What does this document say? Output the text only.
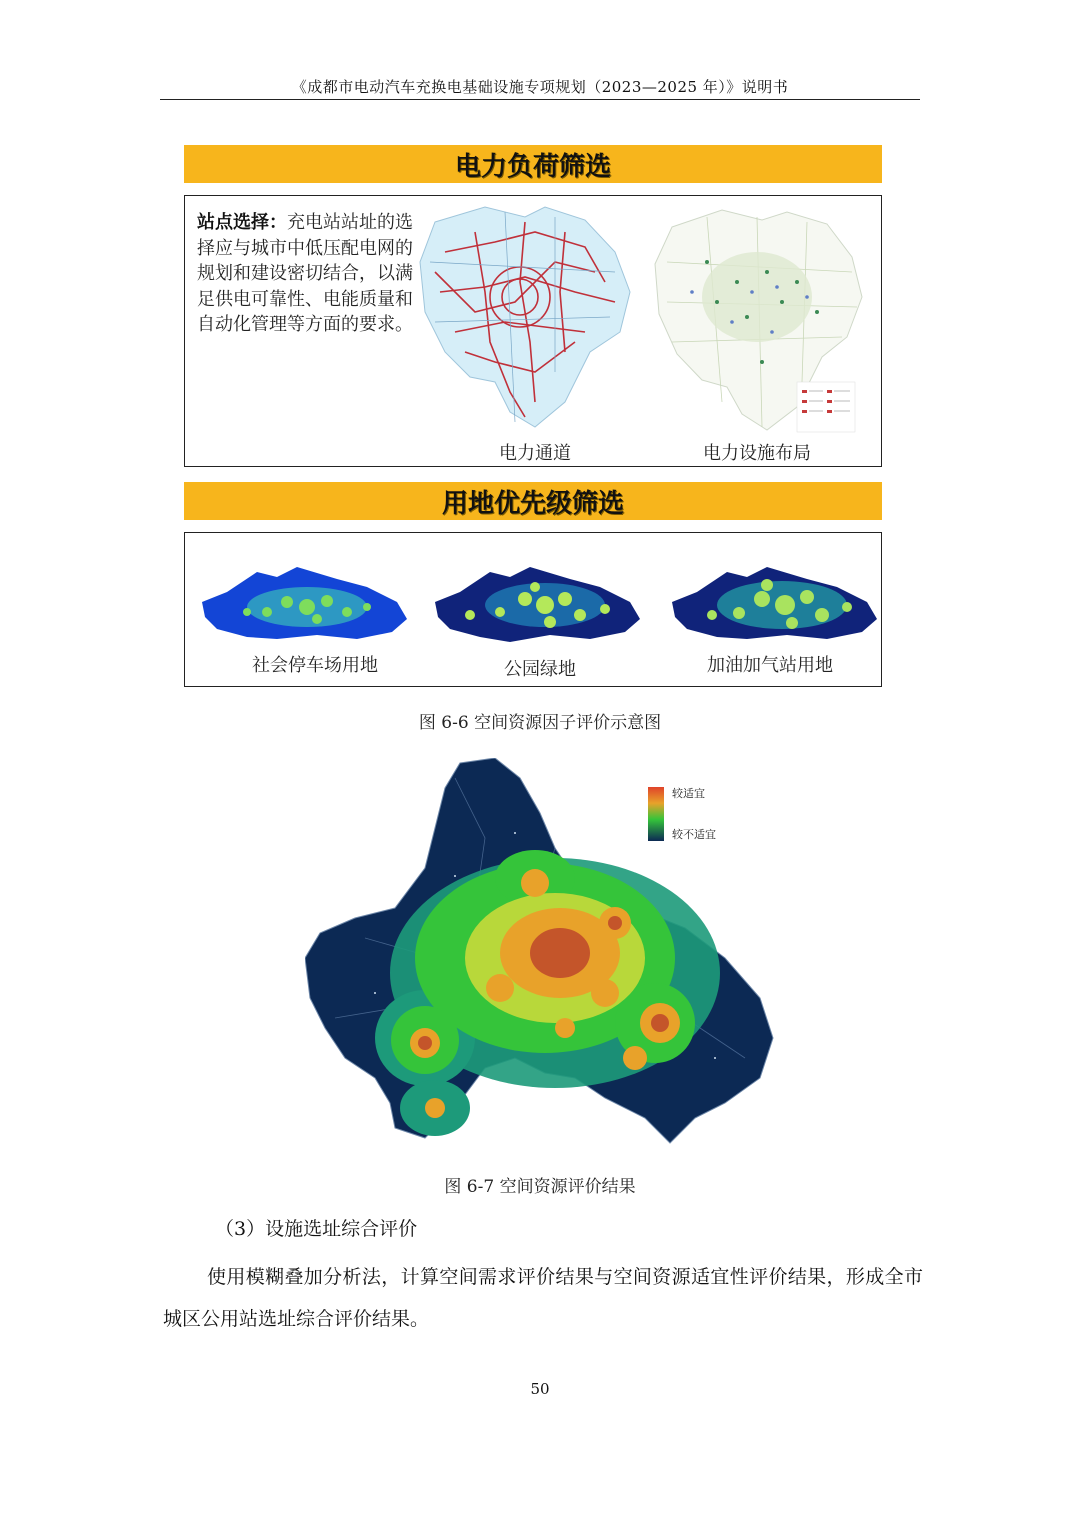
《成都市电动汽车充换电基础设施专项规划（2023—2025 年）》说明书
电力负荷筛选
站点选择：充电站站址的选择应与城市中低压配电网的规划和建设密切结合，以满足供电可靠性、电能质量和自动化管理等方面的要求。
电力通道	电力设施布局
用地优先级筛选
社会停车场用地	公园绿地	加油加气站用地
图 6-6 空间资源因子评价示意图
较适宜
较不适宜
图 6-7 空间资源评价结果
（3）设施选址综合评价
使用模糊叠加分析法，计算空间需求评价结果与空间资源适宜性评价结果，形成全市城区公用站选址综合评价结果。
50
